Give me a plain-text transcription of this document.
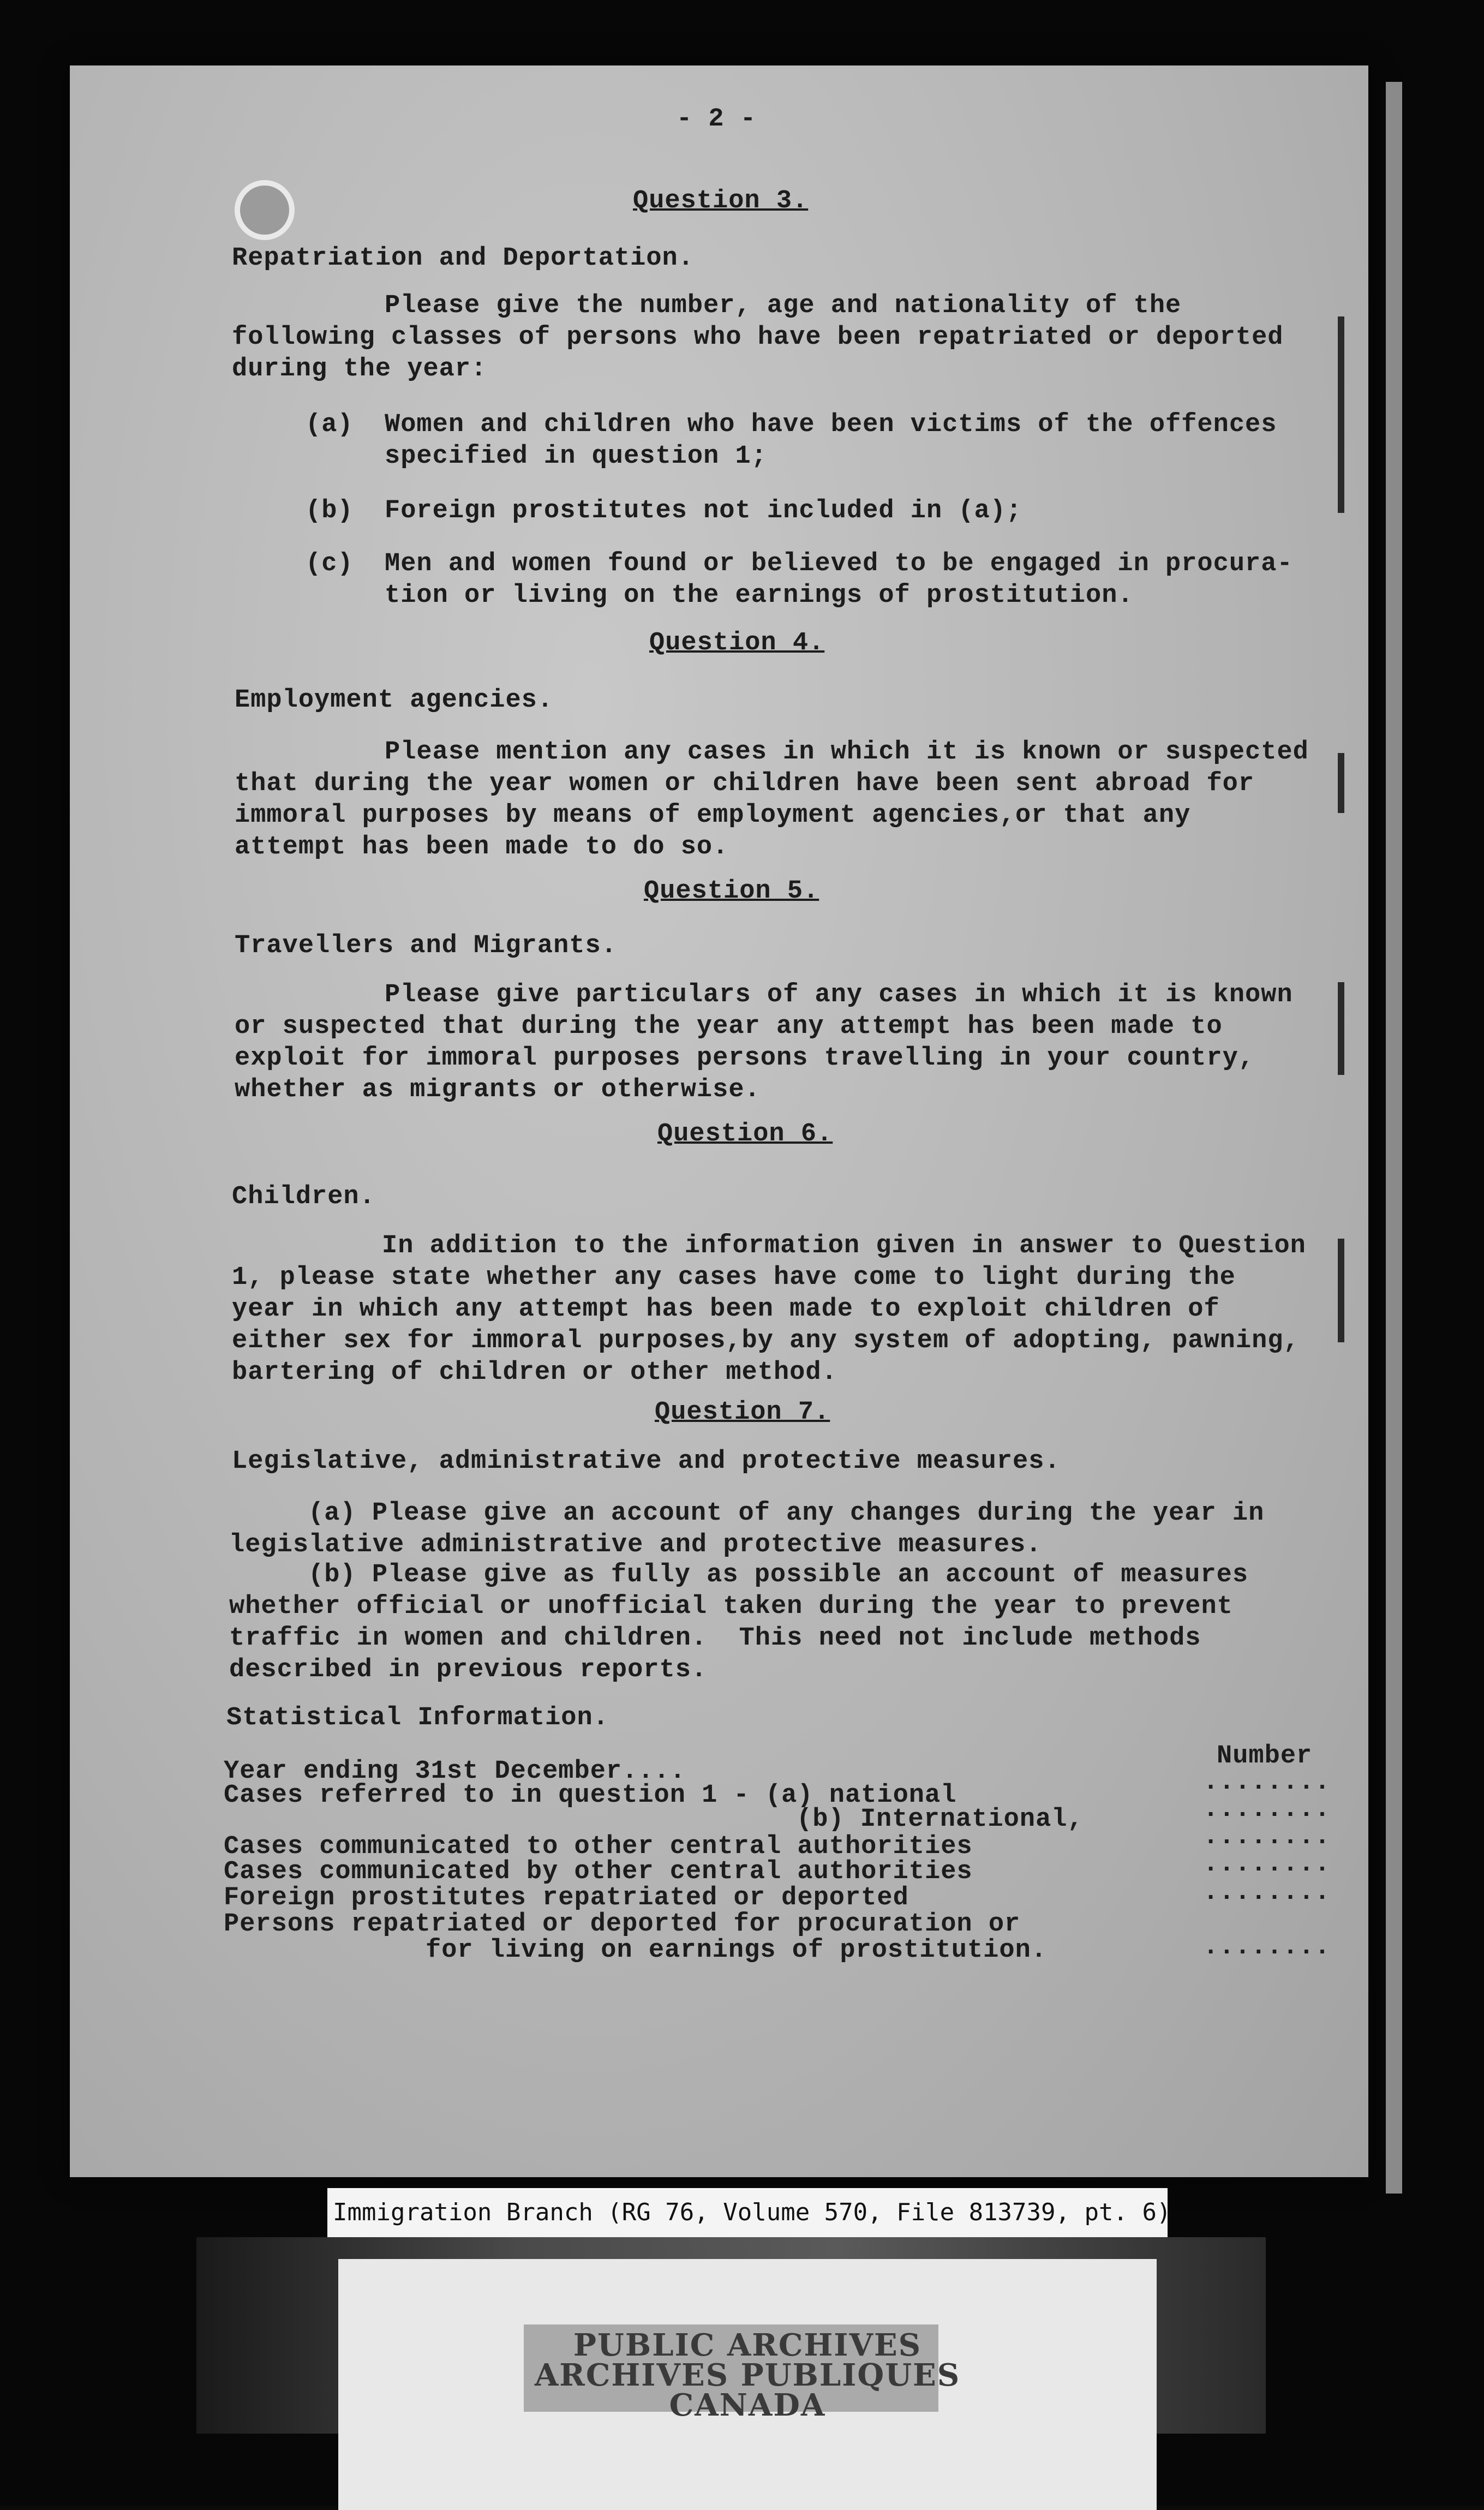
- 2 -
Question 3.
Repatriation and Deportation.
Please give the number, age and nationality of the
following classes of persons who have been repatriated or deported
during the year:
(a) Women and children who have been victims of the offences
specified in question 1;
(b) Foreign prostitutes not included in (a);
(c) Men and women found or believed to be engaged in procura-
tion or living on the earnings of prostitution.
Question 4.
Employment agencies.
Please mention any cases in which it is known or suspected
that during the year women or children have been sent abroad for
immoral purposes by means of employment agencies,or that any
attempt has been made to do so.
Question 5.
Travellers and Migrants.
Please give particulars of any cases in which it is known
or suspected that during the year any attempt has been made to
exploit for immoral purposes persons travelling in your country,
whether as migrants or otherwise.
Question 6.
Children.
In addition to the information given in answer to Question
1, please state whether any cases have come to light during the
year in which any attempt has been made to exploit children of
either sex for immoral purposes,by any system of adopting, pawning,
bartering of children or other method.
Question 7.
Legislative, administrative and protective measures.
(a) Please give an account of any changes during the year in
legislative administrative and protective measures.
(b) Please give as fully as possible an account of measures
whether official or unofficial taken during the year to prevent
traffic in women and children.  This need not include methods
described in previous reports.
Statistical Information.
Number
Year ending 31st December....
Cases referred to in question 1 - (a) national
(b) International,
Cases communicated to other central authorities
Cases communicated by other central authorities
Foreign prostitutes repatriated or deported
Persons repatriated or deported for procuration or
for living on earnings of prostitution.
........
........
........
........
........
........
Immigration Branch (RG 76, Volume 570, File 813739, pt. 6)
PUBLIC ARCHIVES
ARCHIVES PUBLIQUES
CANADA
